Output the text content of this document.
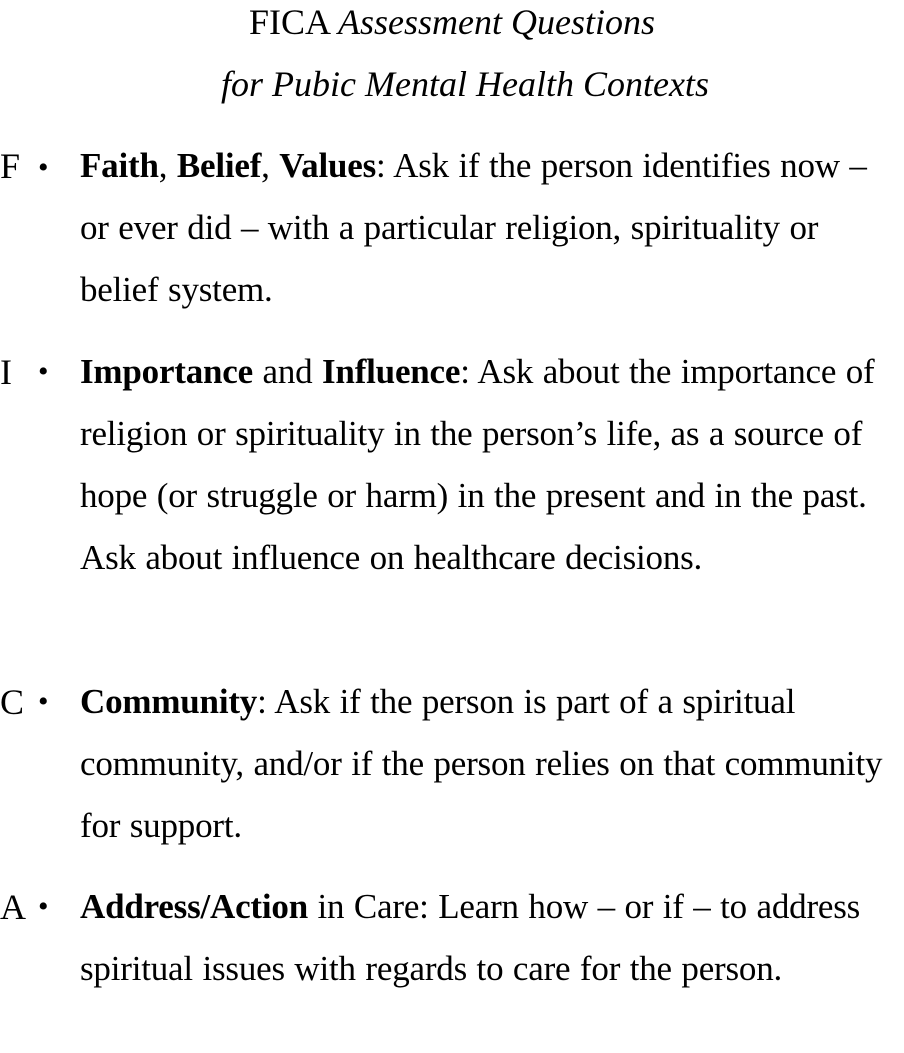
FICA Assessment Questions
for Pubic Mental Health Contexts
F • Faith, Belief, Values: Ask if the person identifies now – or ever did – with a particular religion, spirituality or belief system.
I • Importance and Influence: Ask about the importance of religion or spirituality in the person’s life, as a source of hope (or struggle or harm) in the present and in the past. Ask about influence on healthcare decisions.
C • Community: Ask if the person is part of a spiritual community, and/or if the person relies on that community for support.
A • Address/Action in Care: Learn how – or if – to address spiritual issues with regards to care for the person.
